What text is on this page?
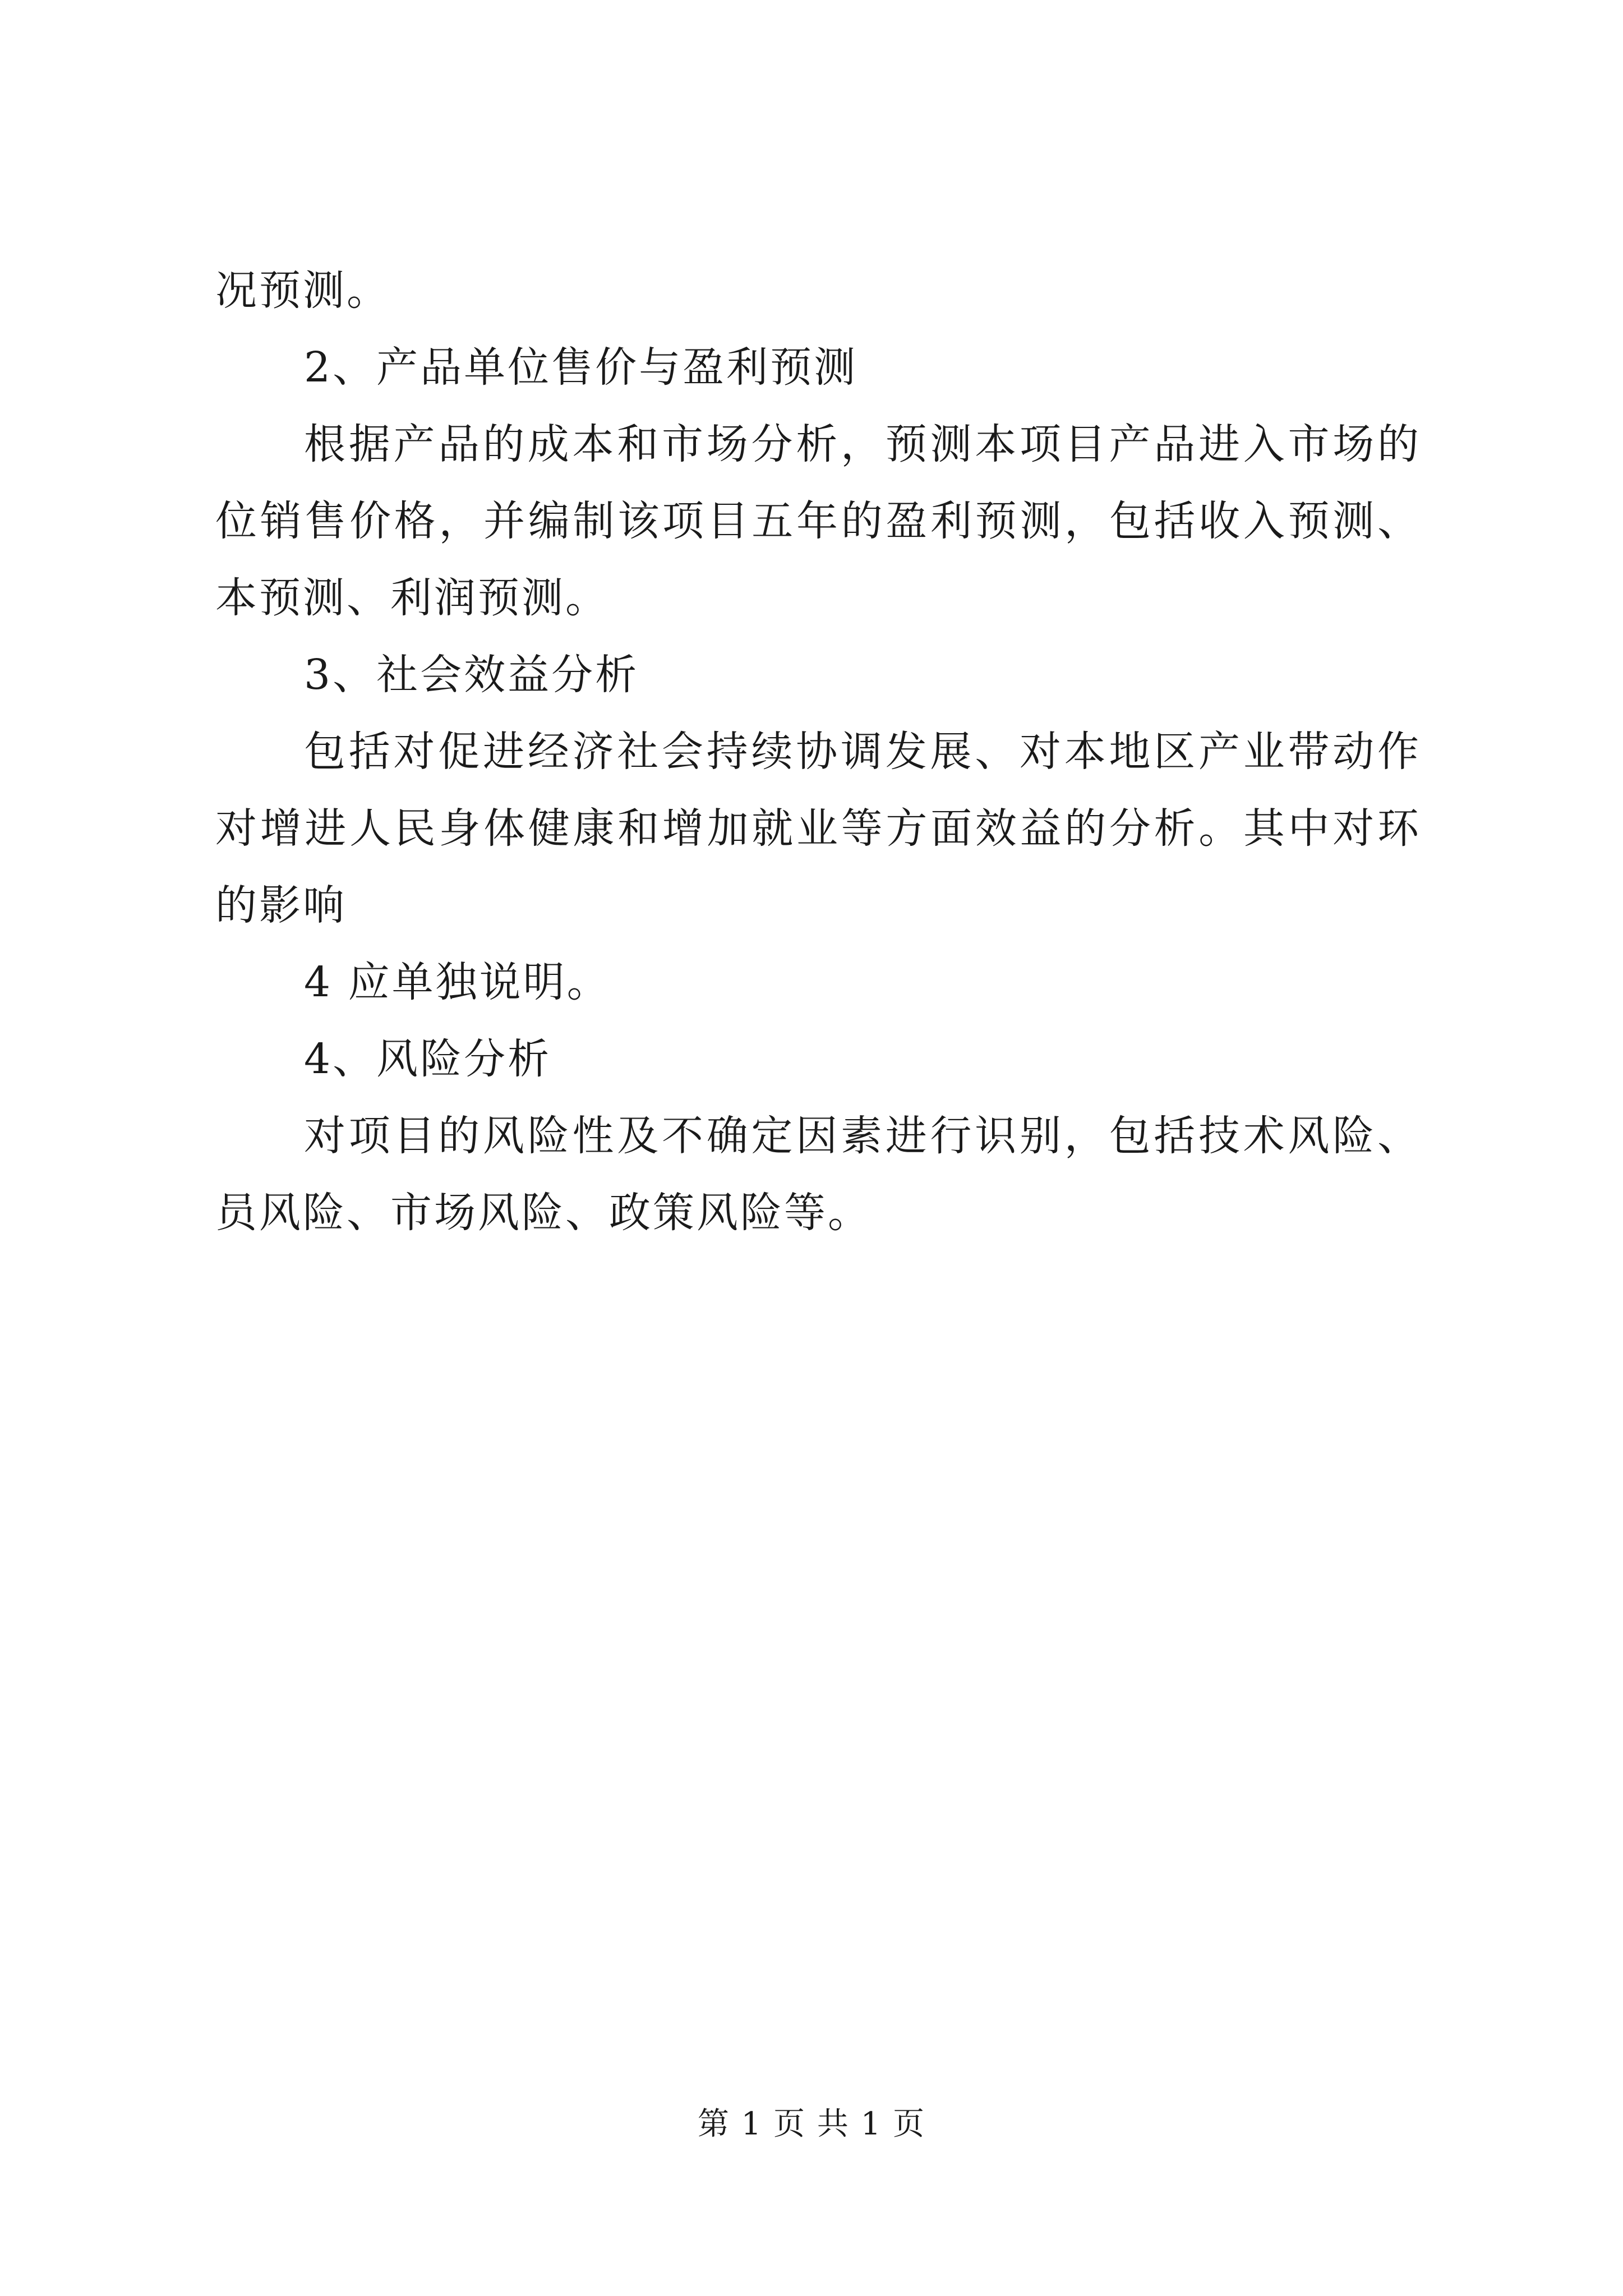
况预测。
2、产品单位售价与盈利预测
根据产品的成本和市场分析，预测本项目产品进入市场的
位销售价格，并编制该项目五年的盈利预测，包括收入预测、
本预测、利润预测。
3、社会效益分析
包括对促进经济社会持续协调发展、对本地区产业带动作
对增进人民身体健康和增加就业等方面效益的分析。其中对环
的影响
4 应单独说明。
4、风险分析
对项目的风险性及不确定因素进行识别，包括技术风险、
员风险、市场风险、政策风险等。
第 1 页 共 1 页
